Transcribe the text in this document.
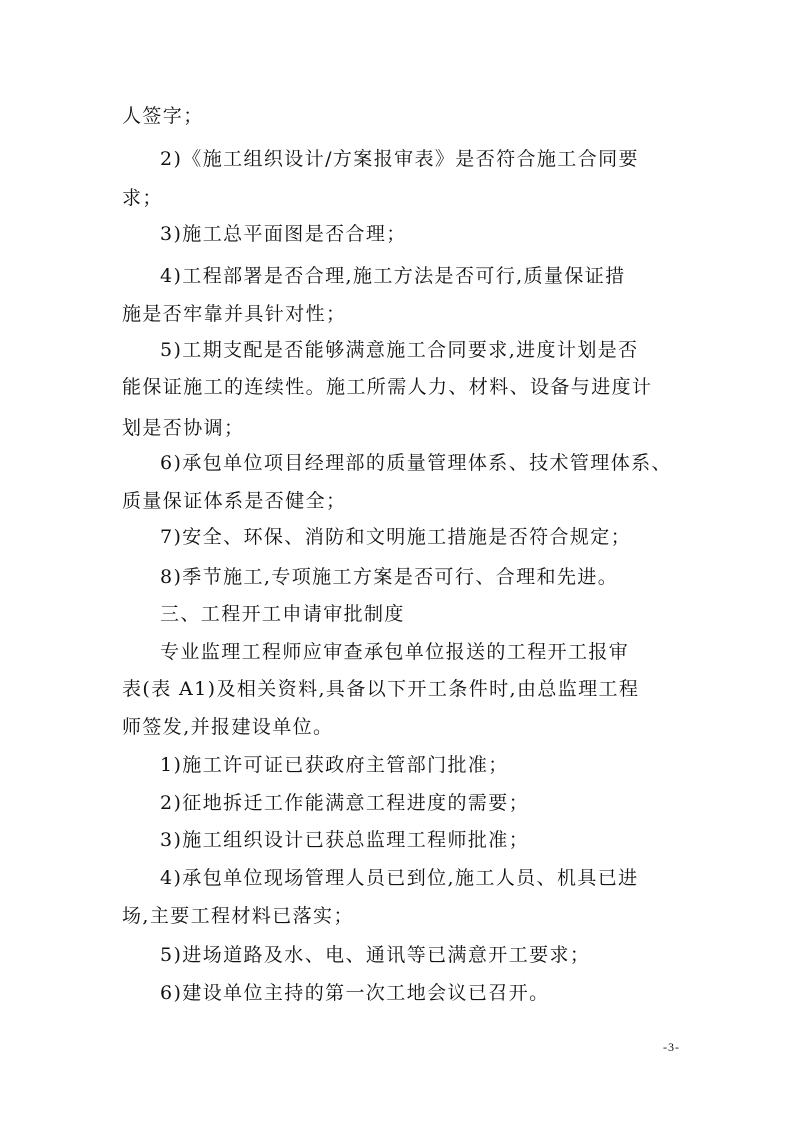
人签字；
2)《施工组织设计/方案报审表》是否符合施工合同要
求；
3)施工总平面图是否合理；
4)工程部署是否合理,施工方法是否可行,质量保证措
施是否牢靠并具针对性；
5)工期支配是否能够满意施工合同要求,进度计划是否
能保证施工的连续性。施工所需人力、材料、设备与进度计
划是否协调；
6)承包单位项目经理部的质量管理体系、技术管理体系、
质量保证体系是否健全；
7)安全、环保、消防和文明施工措施是否符合规定；
8)季节施工,专项施工方案是否可行、合理和先进。
三、工程开工申请审批制度
专业监理工程师应审查承包单位报送的工程开工报审
表(表 A1)及相关资料,具备以下开工条件时,由总监理工程
师签发,并报建设单位。
1)施工许可证已获政府主管部门批准；
2)征地拆迁工作能满意工程进度的需要；
3)施工组织设计已获总监理工程师批准；
4)承包单位现场管理人员已到位,施工人员、机具已进
场,主要工程材料已落实；
5)进场道路及水、电、通讯等已满意开工要求；
6)建设单位主持的第一次工地会议已召开。
-3-
